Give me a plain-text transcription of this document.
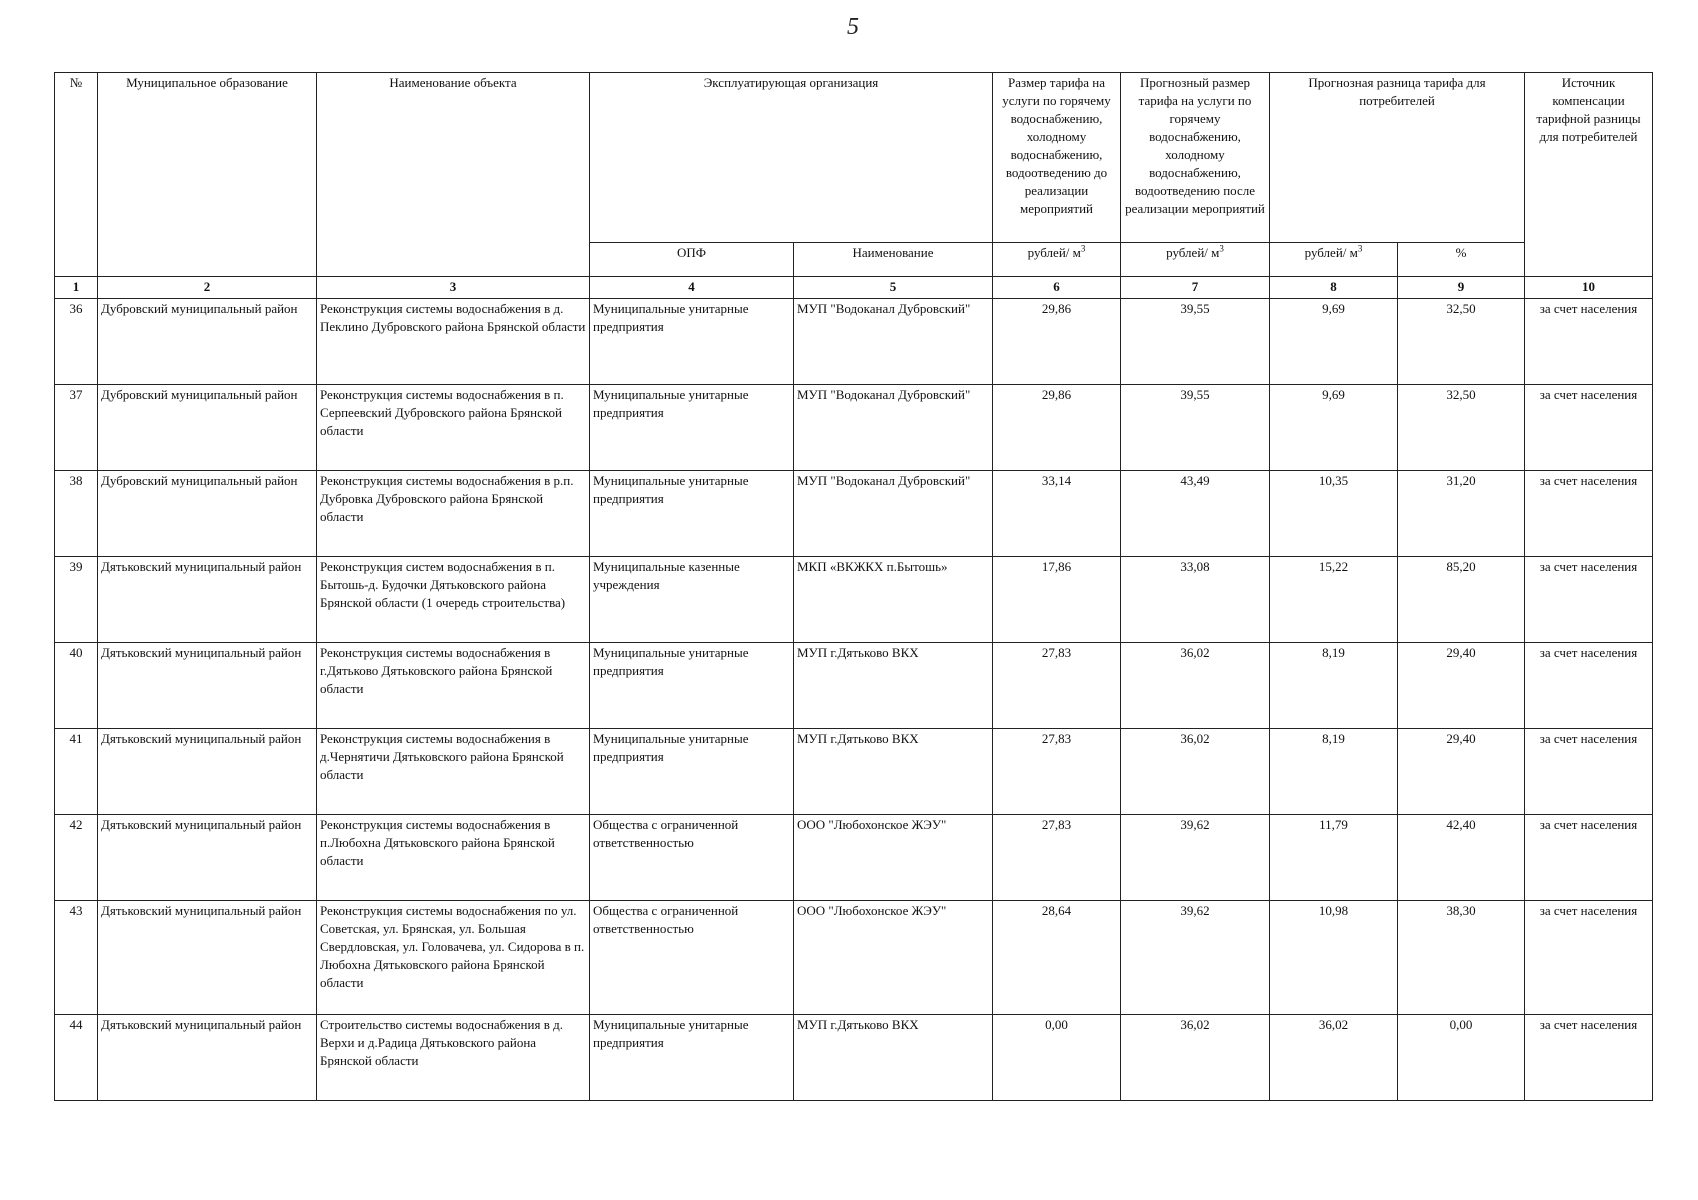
5
№	Муниципальное образование	Наименование объекта	Эксплуатирующая организация		Размер тарифа на услуги по горячему водоснабжению, холодному водоснабжению, водоотведению до реализации мероприятий	Прогнозный размер тарифа на услуги по горячему водоснабжению, холодному водоснабжению, водоотведению после реализации мероприятий	Прогнозная разница тарифа для потребителей		Источник компенсации тарифной разницы для потребителей
			ОПФ	Наименование	рублей/ $м^3$	рублей/ $м^3$	рублей/ $м^3$	%	
1	2	3	4	5	6	7	8	9	10
36	Дубровский муниципальный район	Реконструкция системы водоснабжения в д. Пеклино Дубровского района Брянской области	Муниципальные унитарные предприятия	МУП "Водоканал Дубровский"	29,86	39,55	9,69	32,50	за счет населения
37	Дубровский муниципальный район	Реконструкция системы водоснабжения в п. Серпеевский Дубровского района Брянской области	Муниципальные унитарные предприятия	МУП "Водоканал Дубровский"	29,86	39,55	9,69	32,50	за счет населения
38	Дубровский муниципальный район	Реконструкция системы водоснабжения в р.п. Дубровка Дубровского района Брянской области	Муниципальные унитарные предприятия	МУП "Водоканал Дубровский"	33,14	43,49	10,35	31,20	за счет населения
39	Дятьковский муниципальный район	Реконструкция систем водоснабжения в п. Бытошь-д. Будочки Дятьковского района Брянской области (1 очередь строительства)	Муниципальные казенные учреждения	МКП «ВКЖКХ п.Бытошь»	17,86	33,08	15,22	85,20	за счет населения
40	Дятьковский муниципальный район	Реконструкция системы водоснабжения в г.Дятьково Дятьковского района Брянской области	Муниципальные унитарные предприятия	МУП г.Дятьково ВКХ	27,83	36,02	8,19	29,40	за счет населения
41	Дятьковский муниципальный район	Реконструкция системы водоснабжения в д.Чернятичи Дятьковского района Брянской области	Муниципальные унитарные предприятия	МУП г.Дятьково ВКХ	27,83	36,02	8,19	29,40	за счет населения
42	Дятьковский муниципальный район	Реконструкция системы водоснабжения в п.Любохна Дятьковского района Брянской области	Общества с ограниченной ответственностью	ООО "Любохонское ЖЭУ"	27,83	39,62	11,79	42,40	за счет населения
43	Дятьковский муниципальный район	Реконструкция системы водоснабжения по ул. Советская, ул. Брянская, ул. Большая Свердловская, ул. Головачева, ул. Сидорова в п. Любохна Дятьковского района Брянской области	Общества с ограниченной ответственностью	ООО "Любохонское ЖЭУ"	28,64	39,62	10,98	38,30	за счет населения
44	Дятьковский муниципальный район	Строительство системы водоснабжения в д. Верхи и д.Радица Дятьковского района Брянской области	Муниципальные унитарные предприятия	МУП г.Дятьково ВКХ	0,00	36,02	36,02	0,00	за счет населения
